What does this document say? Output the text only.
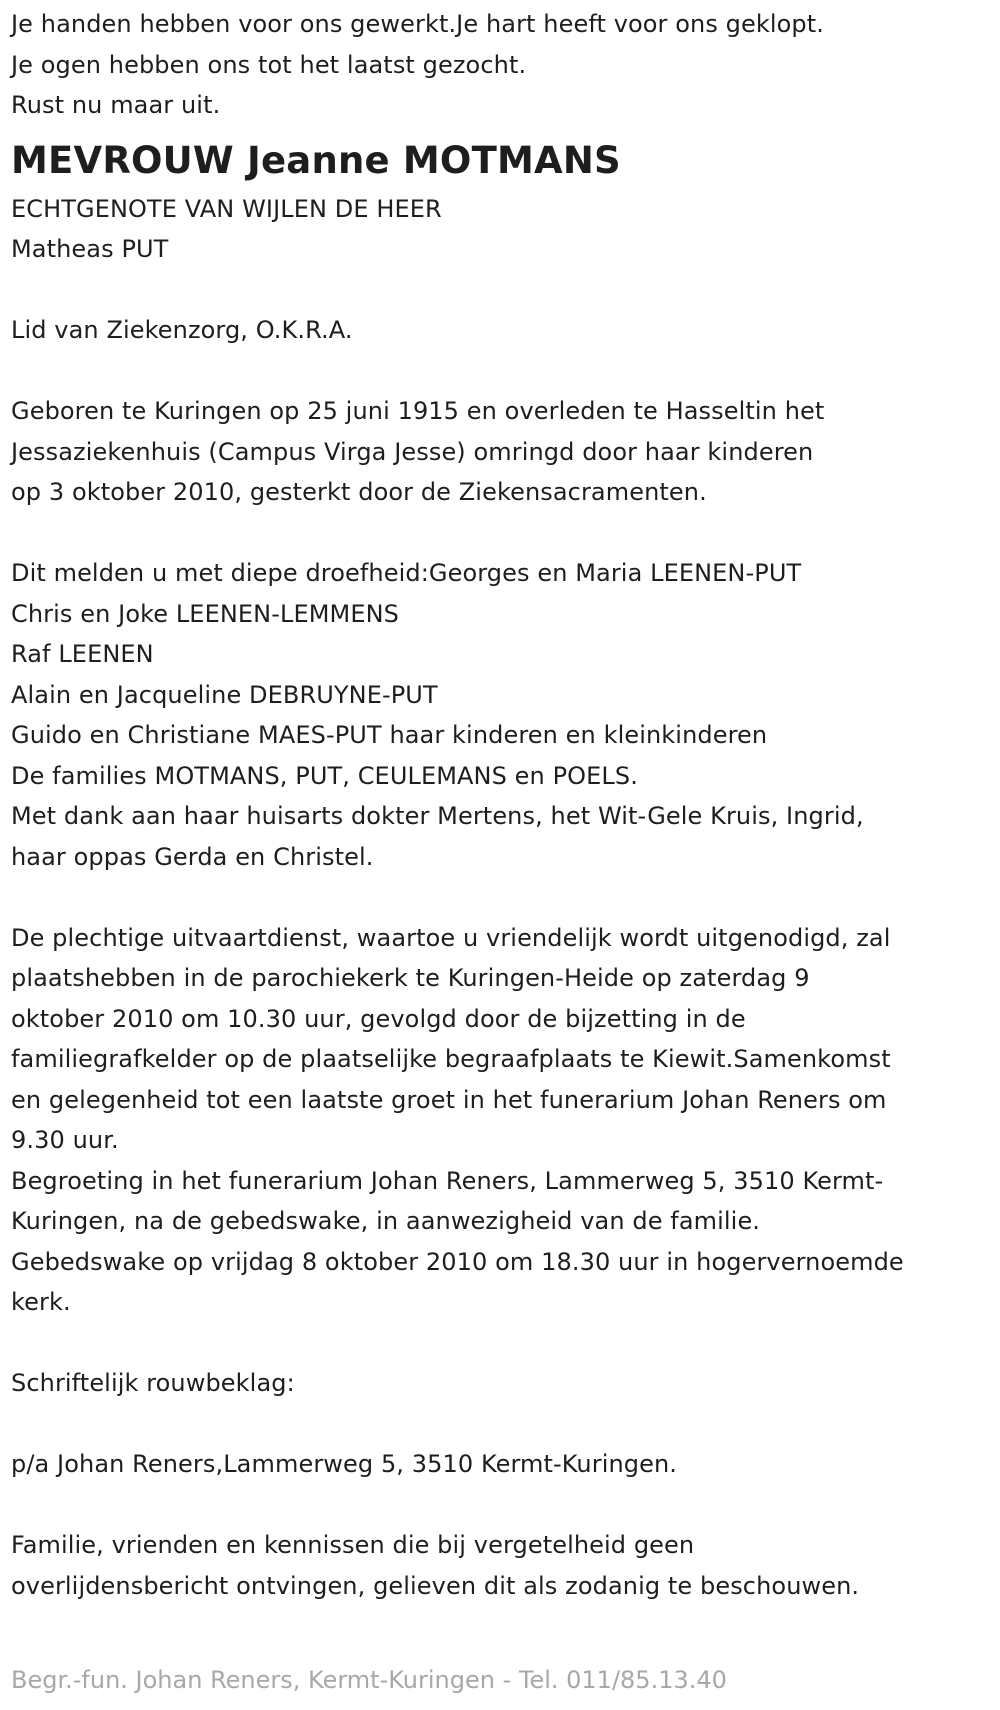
Je handen hebben voor ons gewerkt.Je hart heeft voor ons geklopt.

Je ogen hebben ons tot het laatst gezocht.

Rust nu maar uit.

MEVROUW Jeanne MOTMANS

ECHTGENOTE VAN WIJLEN DE HEER

Matheas PUT

Lid van Ziekenzorg, O.K.R.A.

Geboren te Kuringen op 25 juni 1915 en overleden te Hasseltin het

Jessaziekenhuis (Campus Virga Jesse) omringd door haar kinderen

op 3 oktober 2010, gesterkt door de Ziekensacramenten.

Dit melden u met diepe droefheid:Georges en Maria LEENEN-PUT

Chris en Joke LEENEN-LEMMENS

Raf LEENEN

Alain en Jacqueline DEBRUYNE-PUT

Guido en Christiane MAES-PUT haar kinderen en kleinkinderen

De families MOTMANS, PUT, CEULEMANS en POELS.

Met dank aan haar huisarts dokter Mertens, het Wit-Gele Kruis, Ingrid,

haar oppas Gerda en Christel.

De plechtige uitvaartdienst, waartoe u vriendelijk wordt uitgenodigd, zal

plaatshebben in de parochiekerk te Kuringen-Heide op zaterdag 9

oktober 2010 om 10.30 uur, gevolgd door de bijzetting in de

familiegrafkelder op de plaatselijke begraafplaats te Kiewit.Samenkomst

en gelegenheid tot een laatste groet in het funerarium Johan Reners om

9.30 uur.

Begroeting in het funerarium Johan Reners, Lammerweg 5, 3510 Kermt-

Kuringen, na de gebedswake, in aanwezigheid van de familie.

Gebedswake op vrijdag 8 oktober 2010 om 18.30 uur in hogervernoemde

kerk.

Schriftelijk rouwbeklag:

p/a Johan Reners,Lammerweg 5, 3510 Kermt-Kuringen.

Familie, vrienden en kennissen die bij vergetelheid geen

overlijdensbericht ontvingen, gelieven dit als zodanig te beschouwen.

Begr.-fun. Johan Reners, Kermt-Kuringen - Tel. 011/85.13.40
